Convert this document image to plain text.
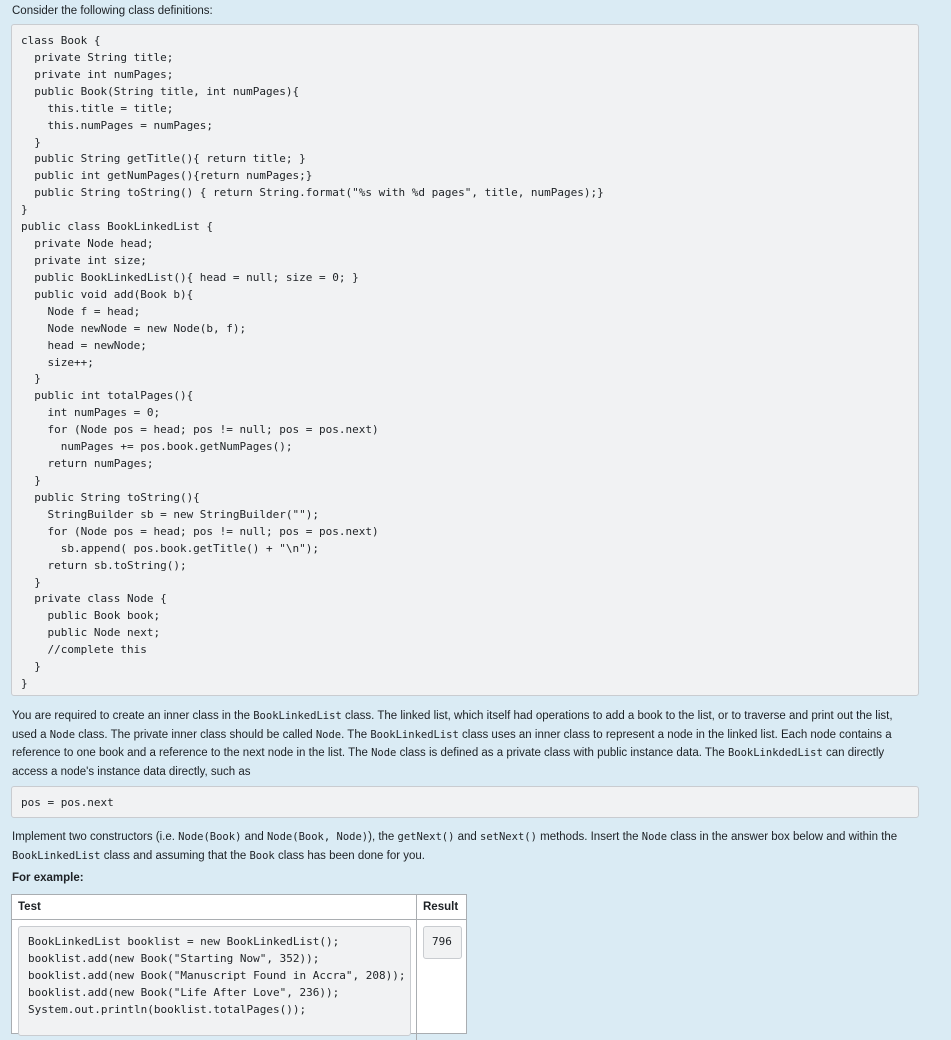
Consider the following class definitions:
class Book {
private String title;
private int numPages;
public Book(String title, int numPages){
this.title = title;
this.numPages = numPages;
}
public String getTitle(){ return title; }
public int getNumPages(){return numPages;}
public String toString() { return String.format("%s with %d pages", title, numPages);}
}
public class BookLinkedList {
private Node head;
private int size;
public BookLinkedList(){ head = null; size = 0; }
public void add(Book b){
Node f = head;
Node newNode = new Node(b, f);
head = newNode;
size++;
}
public int totalPages(){
int numPages = 0;
for (Node pos = head; pos != null; pos = pos.next)
numPages += pos.book.getNumPages();
return numPages;
}
public String toString(){
StringBuilder sb = new StringBuilder("");
for (Node pos = head; pos != null; pos = pos.next)
sb.append( pos.book.getTitle() + "\n");
return sb.toString();
}
private class Node {
public Book book;
public Node next;
//complete this
}
}
You are required to create an inner class in the BookLinkedList class. The linked list, which itself had operations to add a book to the list, or to traverse and print out the list, used a Node class. The private inner class should be called Node. The BookLinkedList class uses an inner class to represent a node in the linked list. Each node contains a reference to one book and a reference to the next node in the list. The Node class is defined as a private class with public instance data. The BookLinkdedList can directly access a node's instance data directly, such as
pos = pos.next
Implement two constructors (i.e. Node(Book) and Node(Book, Node)), the getNext() and setNext() methods. Insert the Node class in the answer box below and within the BookLinkedList class and assuming that the Book class has been done for you.
For example:
Test	Result
BookLinkedList booklist = new BookLinkedList();
booklist.add(new Book("Starting Now", 352));
booklist.add(new Book("Manuscript Found in Accra", 208));
booklist.add(new Book("Life After Love", 236));
System.out.println(booklist.totalPages());
796
